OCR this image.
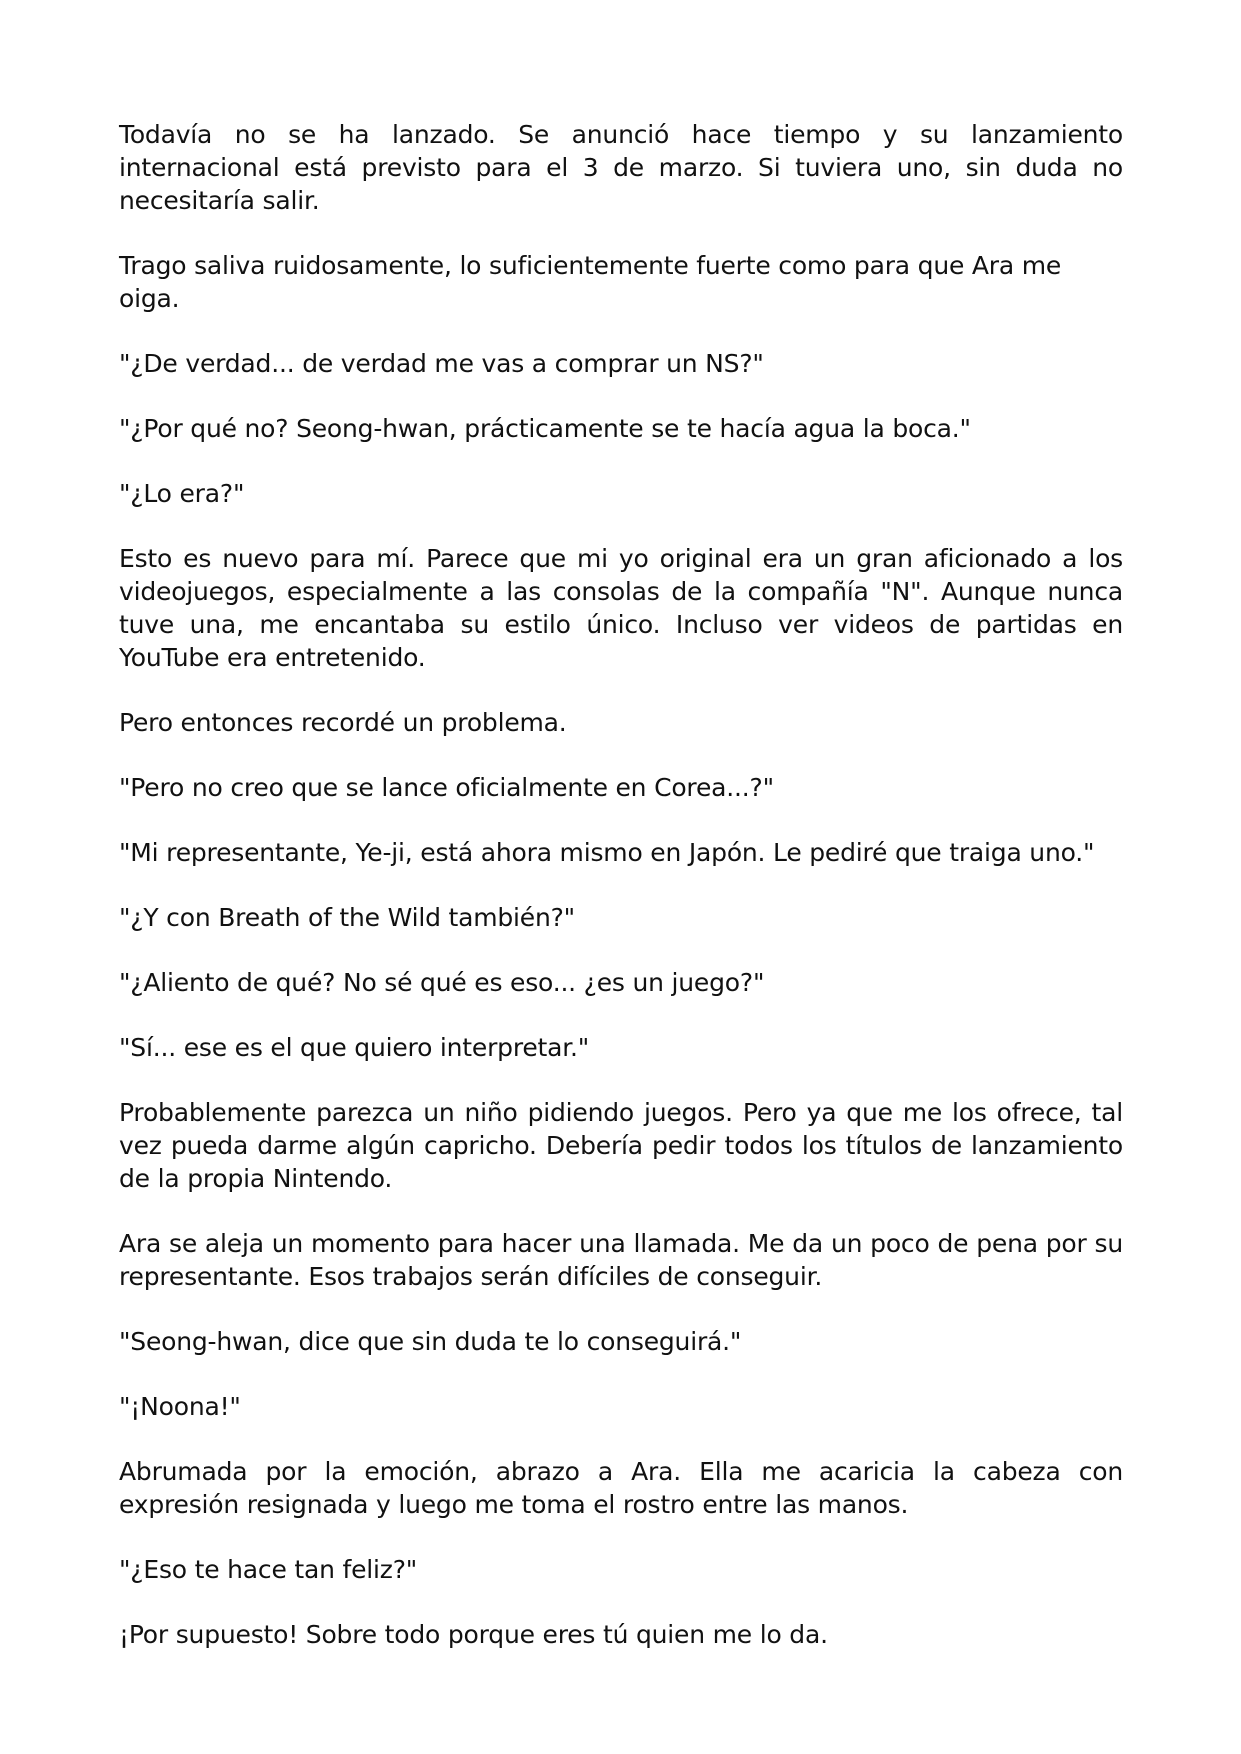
Todavía no se ha lanzado. Se anunció hace tiempo y su lanzamiento internacional está previsto para el 3 de marzo. Si tuviera uno, sin duda no necesitaría salir.

Trago saliva ruidosamente, lo suficientemente fuerte como para que Ara me oiga.

"¿De verdad... de verdad me vas a comprar un NS?"

"¿Por qué no? Seong-hwan, prácticamente se te hacía agua la boca."

"¿Lo era?"

Esto es nuevo para mí. Parece que mi yo original era un gran aficionado a los videojuegos, especialmente a las consolas de la compañía "N". Aunque nunca tuve una, me encantaba su estilo único. Incluso ver videos de partidas en YouTube era entretenido.

Pero entonces recordé un problema.

"Pero no creo que se lance oficialmente en Corea...?"

"Mi representante, Ye-ji, está ahora mismo en Japón. Le pediré que traiga uno."

"¿Y con Breath of the Wild también?"

"¿Aliento de qué? No sé qué es eso... ¿es un juego?"

"Sí... ese es el que quiero interpretar."

Probablemente parezca un niño pidiendo juegos. Pero ya que me los ofrece, tal vez pueda darme algún capricho. Debería pedir todos los títulos de lanzamiento de la propia Nintendo.

Ara se aleja un momento para hacer una llamada. Me da un poco de pena por su representante. Esos trabajos serán difíciles de conseguir.

"Seong-hwan, dice que sin duda te lo conseguirá."

"¡Noona!"

Abrumada por la emoción, abrazo a Ara. Ella me acaricia la cabeza con expresión resignada y luego me toma el rostro entre las manos.

"¿Eso te hace tan feliz?"

¡Por supuesto! Sobre todo porque eres tú quien me lo da.
